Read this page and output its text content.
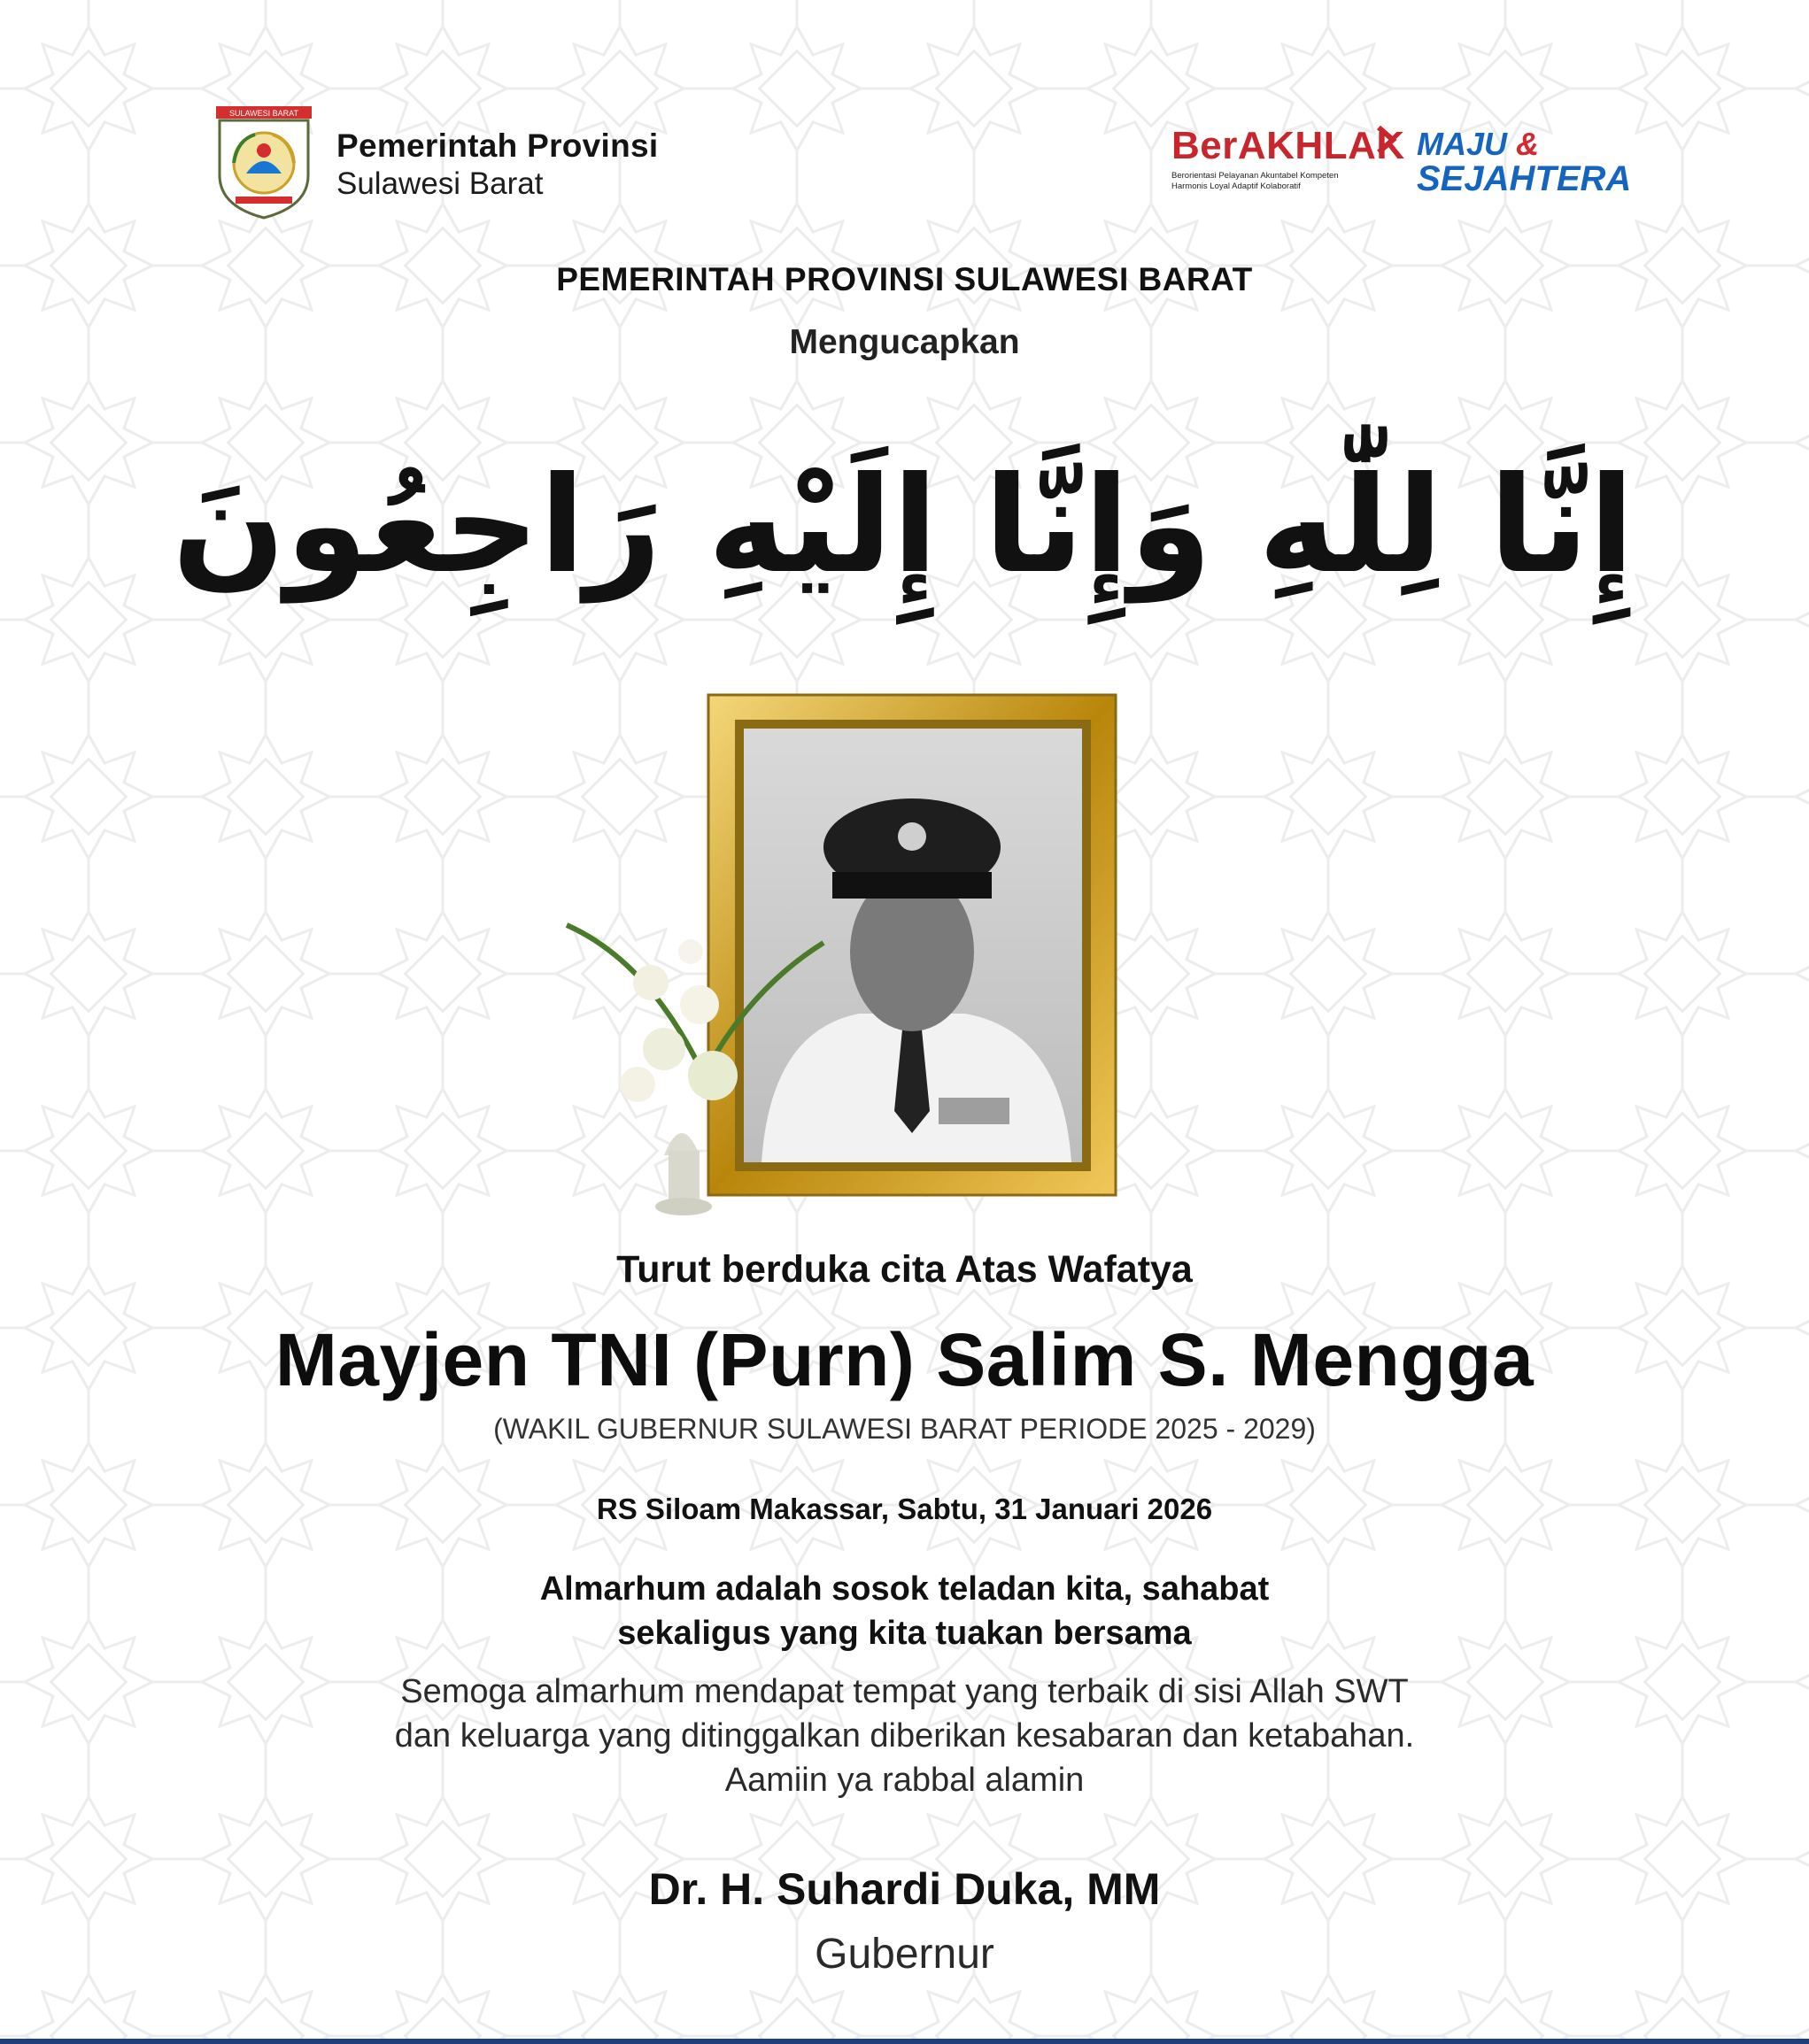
SULAWESI BARAT
Pemerintah Provinsi
Sulawesi Barat
BerAKHLAK
Berorientasi Pelayanan Akuntabel Kompeten
Harmonis Loyal Adaptif Kolaboratif
MAJU &
SEJAHTERA
PEMERINTAH PROVINSI SULAWESI BARAT
Mengucapkan
إِنَّا لِلّٰهِ وَإِنَّا إِلَيْهِ رَاجِعُونَ
Turut berduka cita Atas Wafatya
Mayjen TNI (Purn) Salim S. Mengga
(WAKIL GUBERNUR SULAWESI BARAT PERIODE 2025 - 2029)
RS Siloam Makassar, Sabtu, 31 Januari 2026
Almarhum adalah sosok teladan kita, sahabat
sekaligus yang kita tuakan bersama
Semoga almarhum mendapat tempat yang terbaik di sisi Allah SWT
dan keluarga yang ditinggalkan diberikan kesabaran dan ketabahan.
Aamiin ya rabbal alamin
Dr. H. Suhardi Duka, MM
Gubernur
